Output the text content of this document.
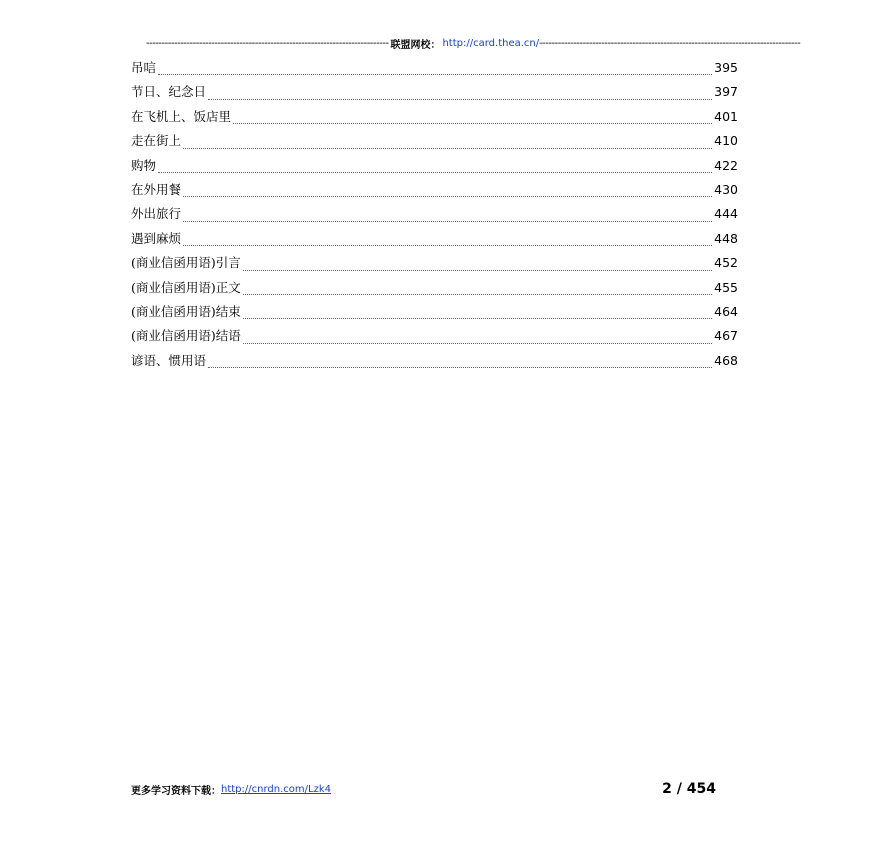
------------------------------------------------------------------------------ 联盟网校： http://card.thea.cn/ ------------------------------------------------------------------------------------
吊唁	395
节日、纪念日	397
在飞机上、饭店里	401
走在街上	410
购物	422
在外用餐	430
外出旅行	444
遇到麻烦	448
(商业信函用语)引言	452
(商业信函用语)正文	455
(商业信函用语)结束	464
(商业信函用语)结语	467
谚语、惯用语	468
更多学习资料下载： http://cnrdn.com/Lzk4	2 / 454
